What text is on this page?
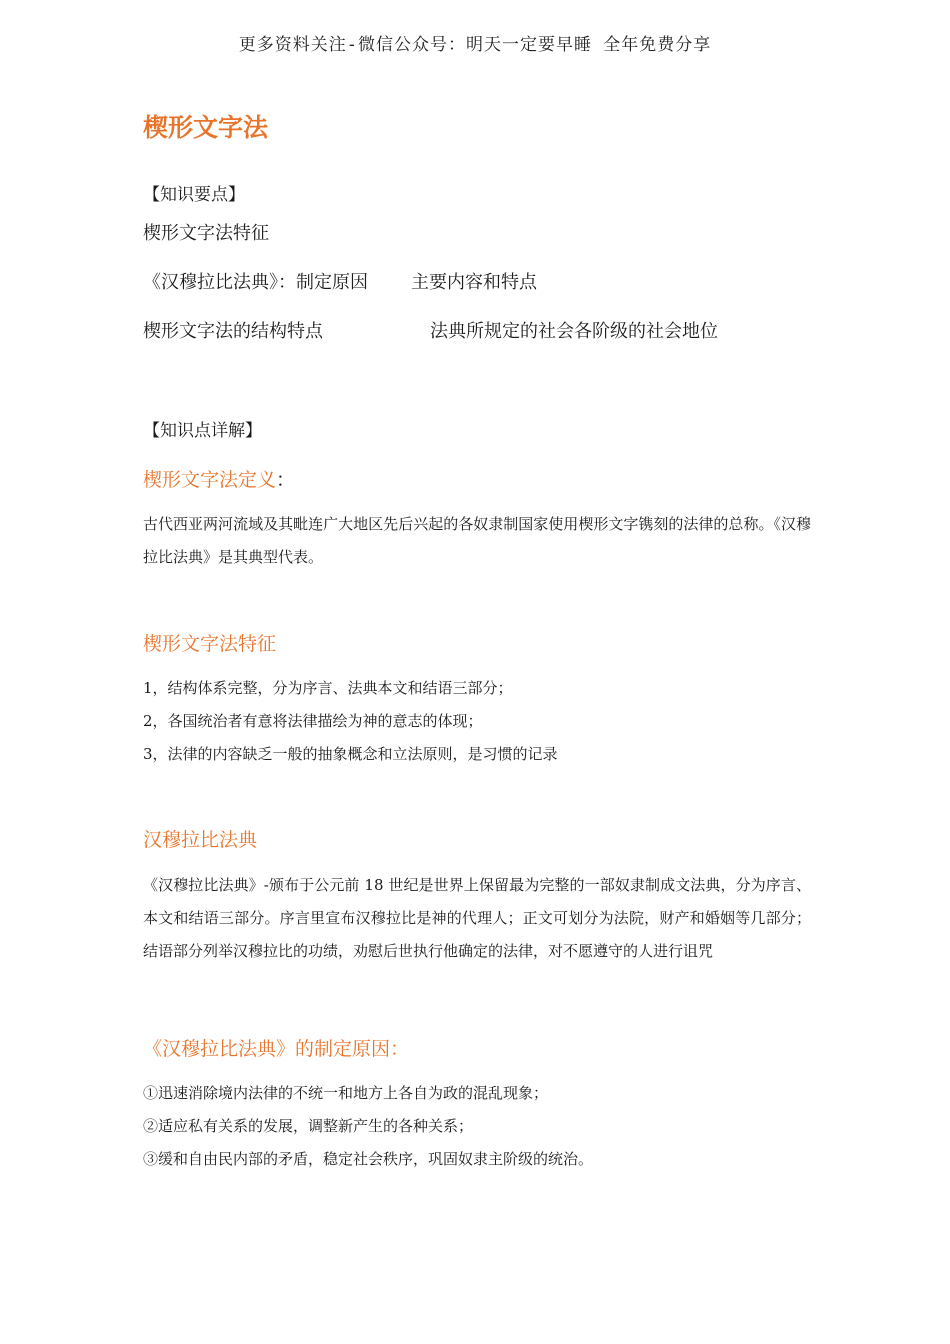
更多资料关注-微信公众号：明天一定要早睡 全年免费分享
楔形文字法
【知识要点】
楔形文字法特征
《汉穆拉比法典》：制定原因 主要内容和特点
楔形文字法的结构特点	法典所规定的社会各阶级的社会地位
【知识点详解】
楔形文字法定义：

古代西亚两河流域及其毗连广大地区先后兴起的各奴隶制国家使用楔形文字镌刻的法律的总称。《汉穆拉比法典》是其典型代表。

楔形文字法特征
1，结构体系完整，分为序言、法典本文和结语三部分；
2，各国统治者有意将法律描绘为神的意志的体现；
3，法律的内容缺乏一般的抽象概念和立法原则，是习惯的记录
汉穆拉比法典

《汉穆拉比法典》-颁布于公元前 18 世纪是世界上保留最为完整的一部奴隶制成文法典，分为序言、本文和结语三部分。序言里宣布汉穆拉比是神的代理人；正文可划分为法院，财产和婚姻等几部分；结语部分列举汉穆拉比的功绩，劝慰后世执行他确定的法律，对不愿遵守的人进行诅咒

《汉穆拉比法典》的制定原因：
①迅速消除境内法律的不统一和地方上各自为政的混乱现象；
②适应私有关系的发展，调整新产生的各种关系；
③缓和自由民内部的矛盾，稳定社会秩序，巩固奴隶主阶级的统治。
